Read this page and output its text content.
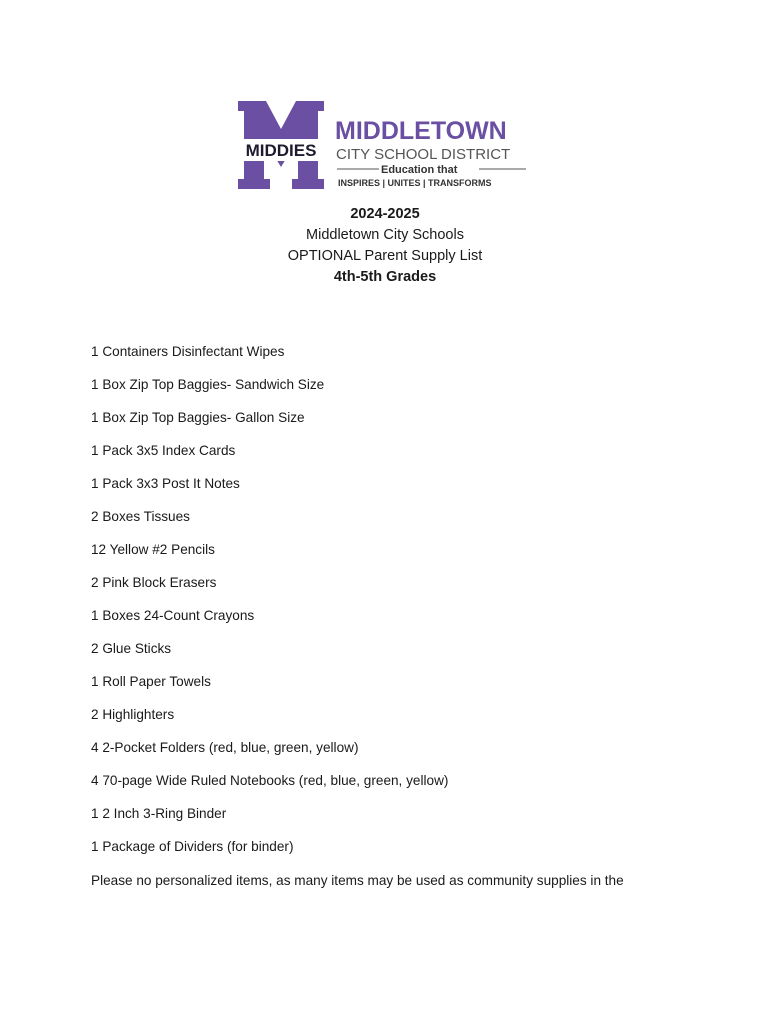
MIDDIES
MIDDLETOWN
CITY SCHOOL DISTRICT
Education that
INSPIRES | UNITES | TRANSFORMS
2024-2025
Middletown City Schools
OPTIONAL Parent Supply List
4th-5th Grades
1 Containers Disinfectant Wipes
1 Box Zip Top Baggies- Sandwich Size
1 Box Zip Top Baggies- Gallon Size
1 Pack 3x5 Index Cards
1 Pack 3x3 Post It Notes
2 Boxes Tissues
12 Yellow #2 Pencils
2 Pink Block Erasers
1 Boxes 24-Count Crayons
2 Glue Sticks
1 Roll Paper Towels
2 Highlighters
4 2-Pocket Folders (red, blue, green, yellow)
4 70-page Wide Ruled Notebooks (red, blue, green, yellow)
1 2 Inch 3-Ring Binder
1 Package of Dividers (for binder)
Please no personalized items, as many items may be used as community supplies in the
